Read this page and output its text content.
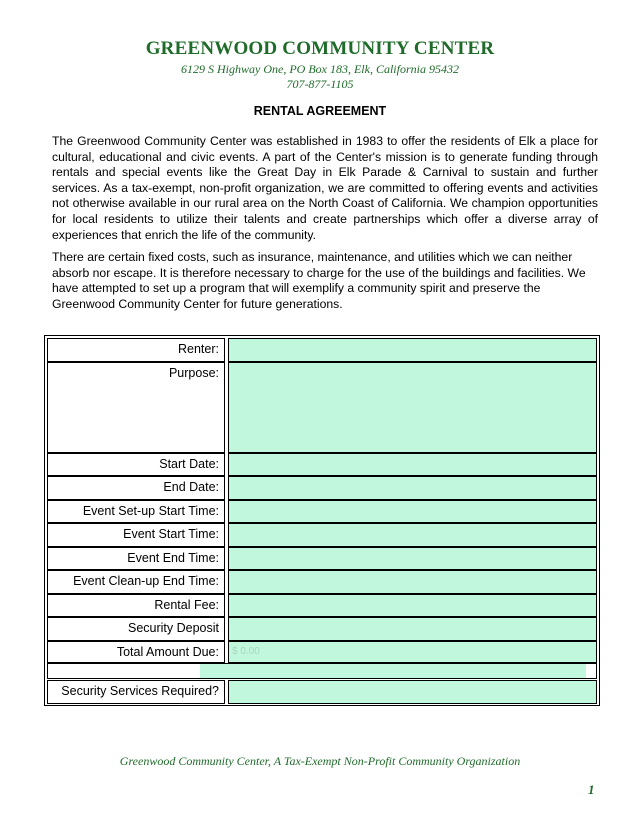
GREENWOOD COMMUNITY CENTER
6129 S Highway One, PO Box 183, Elk, California 95432
707-877-1105
RENTAL AGREEMENT
The Greenwood Community Center was established in 1983 to offer the residents of Elk a place for cultural, educational and civic events. A part of the Center's mission is to generate funding through rentals and special events like the Great Day in Elk Parade & Carnival to sustain and further services. As a tax-exempt, non-profit organization, we are committed to offering events and activities not otherwise available in our rural area on the North Coast of California. We champion opportunities for local residents to utilize their talents and create partnerships which offer a diverse array of experiences that enrich the life of the community.
There are certain fixed costs, such as insurance, maintenance, and utilities which we can neither absorb nor escape. It is therefore necessary to charge for the use of the buildings and facilities. We have attempted to set up a program that will exemplify a community spirit and preserve the Greenwood Community Center for future generations.
Renter:
Purpose:
Start Date:
End Date:
Event Set-up Start Time:
Event Start Time:
Event End Time:
Event Clean-up End Time:
Rental Fee:
Security Deposit
Total Amount Due:	$ 0.00
Security Services Required?
Greenwood Community Center, A Tax-Exempt Non-Profit Community Organization
1
